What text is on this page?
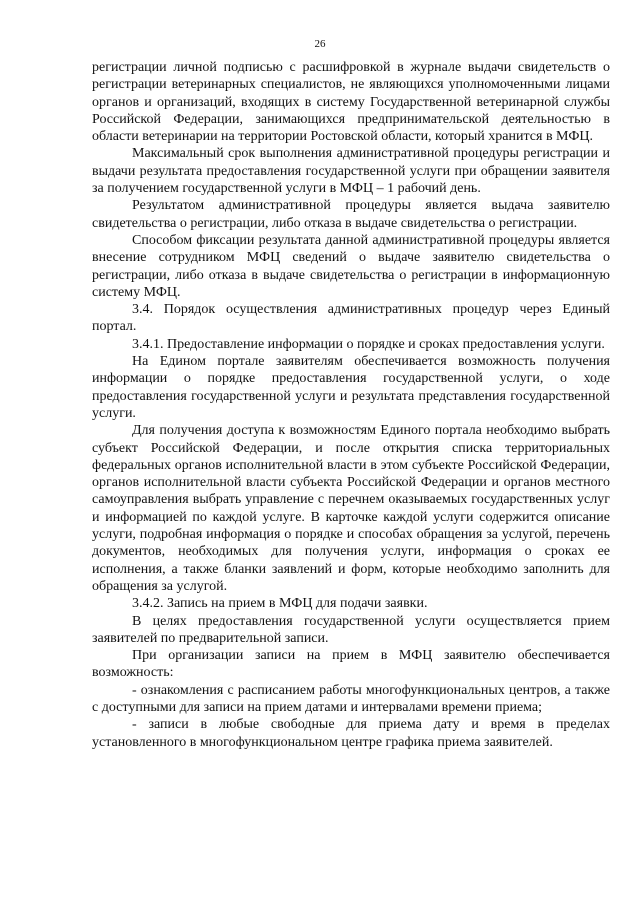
26

регистрации личной подписью с расшифровкой в журнале выдачи свидетельств о регистрации ветеринарных специалистов, не являющихся уполномоченными лицами органов и организаций, входящих в систему Государственной ветеринарной службы Российской Федерации, занимающихся предпринимательской деятельностью в области ветеринарии на территории Ростовской области, который хранится в МФЦ.

Максимальный срок выполнения административной процедуры регистрации и выдачи результата предоставления государственной услуги при обращении заявителя за получением государственной услуги в МФЦ – 1 рабочий день.

Результатом административной процедуры является выдача заявителю свидетельства о регистрации, либо отказа в выдаче свидетельства о регистрации.

Способом фиксации результата данной административной процедуры является внесение сотрудником МФЦ сведений о выдаче заявителю свидетельства о регистрации, либо отказа в выдаче свидетельства о регистрации в информационную систему МФЦ.

3.4. Порядок осуществления административных процедур через Единый портал.

3.4.1. Предоставление информации о порядке и сроках предоставления услуги.

На Едином портале заявителям обеспечивается возможность получения информации о порядке предоставления государственной услуги, о ходе предоставления государственной услуги и результата представления государственной услуги.

Для получения доступа к возможностям Единого портала необходимо выбрать субъект Российской Федерации, и после открытия списка территориальных федеральных органов исполнительной власти в этом субъекте Российской Федерации, органов исполнительной власти субъекта Российской Федерации и органов местного самоуправления выбрать управление с перечнем оказываемых государственных услуг и информацией по каждой услуге. В карточке каждой услуги содержится описание услуги, подробная информация о порядке и способах обращения за услугой, перечень документов, необходимых для получения услуги, информация о сроках ее исполнения, а также бланки заявлений и форм, которые необходимо заполнить для обращения за услугой.

3.4.2. Запись на прием в МФЦ для подачи заявки.

В целях предоставления государственной услуги осуществляется прием заявителей по предварительной записи.

При организации записи на прием в МФЦ заявителю обеспечивается возможность:

- ознакомления с расписанием работы многофункциональных центров, а также с доступными для записи на прием датами и интервалами времени приема;

- записи в любые свободные для приема дату и время в пределах установленного в многофункциональном центре графика приема заявителей.
